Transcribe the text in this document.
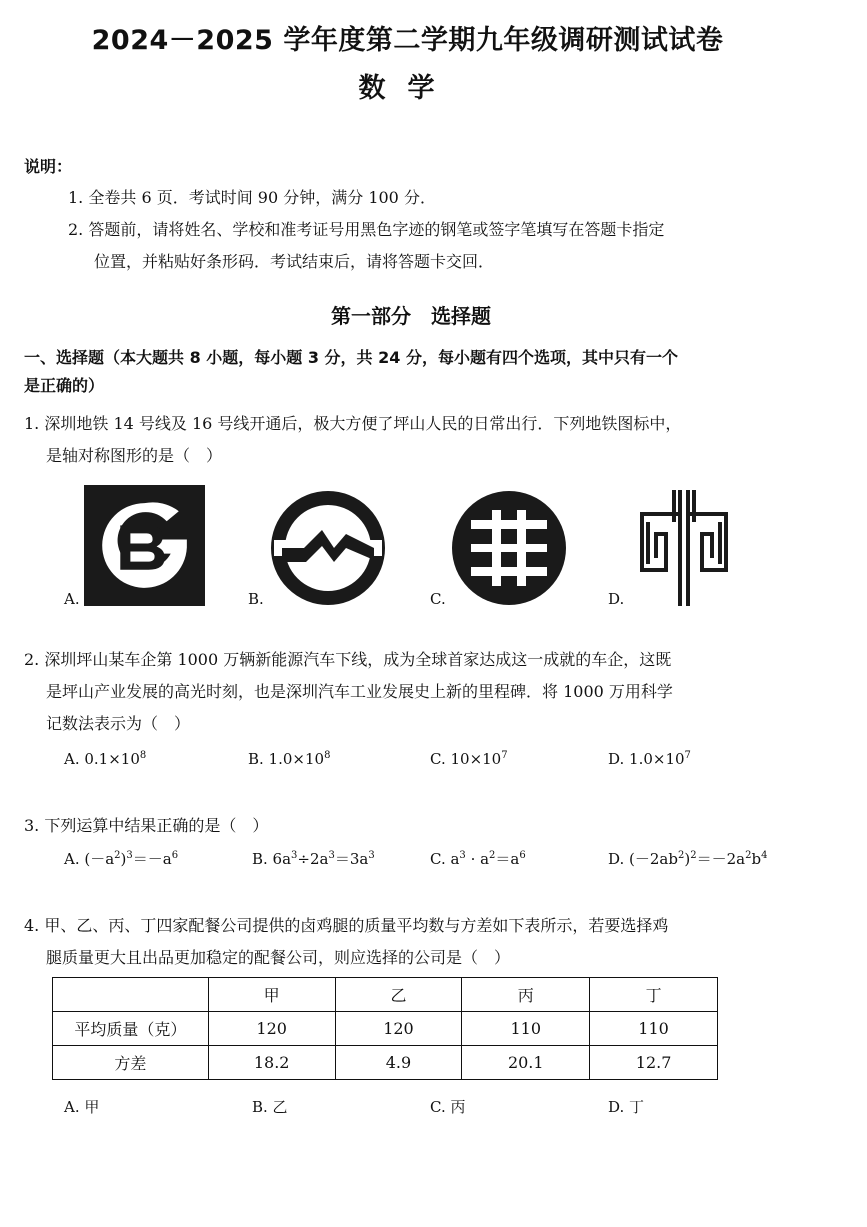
2024－2025 学年度第二学期九年级调研测试试卷
数学
说明：
1. 全卷共 6 页．考试时间 90 分钟，满分 100 分．
2. 答题前，请将姓名、学校和准考证号用黑色字迹的钢笔或签字笔填写在答题卡指定
位置，并粘贴好条形码．考试结束后，请将答题卡交回．
第一部分　选择题
一、选择题（本大题共 8 小题，每小题 3 分，共 24 分，每小题有四个选项，其中只有一个
是正确的）
1. 深圳地铁 14 号线及 16 号线开通后，极大方便了坪山人民的日常出行．下列地铁图标中，
是轴对称图形的是（　）
A.	B.	C.	D.
2. 深圳坪山某车企第 1000 万辆新能源汽车下线，成为全球首家达成这一成就的车企，这既
是坪山产业发展的高光时刻，也是深圳汽车工业发展史上新的里程碑．将 1000 万用科学
记数法表示为（　）
A. $0.1\times 10^8$	B. $1.0\times 10^8$	C. $10\times 10^7$	D. $1.0\times 10^7$
3. 下列运算中结果正确的是（　）
A. $(-a^2)^3=-a^6$	B. $6a^3\div 2a^3=3a^3$	C. $a^3 \cdot a^2=a^6$	D. $(-2ab^2)^2=-2a^2b^4$
4. 甲、乙、丙、丁四家配餐公司提供的卤鸡腿的质量平均数与方差如下表所示，若要选择鸡
腿质量更大且出品更加稳定的配餐公司，则应选择的公司是（　）
	甲	乙	丙	丁
平均质量（克）	120	120	110	110
方差	18.2	4.9	20.1	12.7
A. 甲	B. 乙	C. 丙	D. 丁
